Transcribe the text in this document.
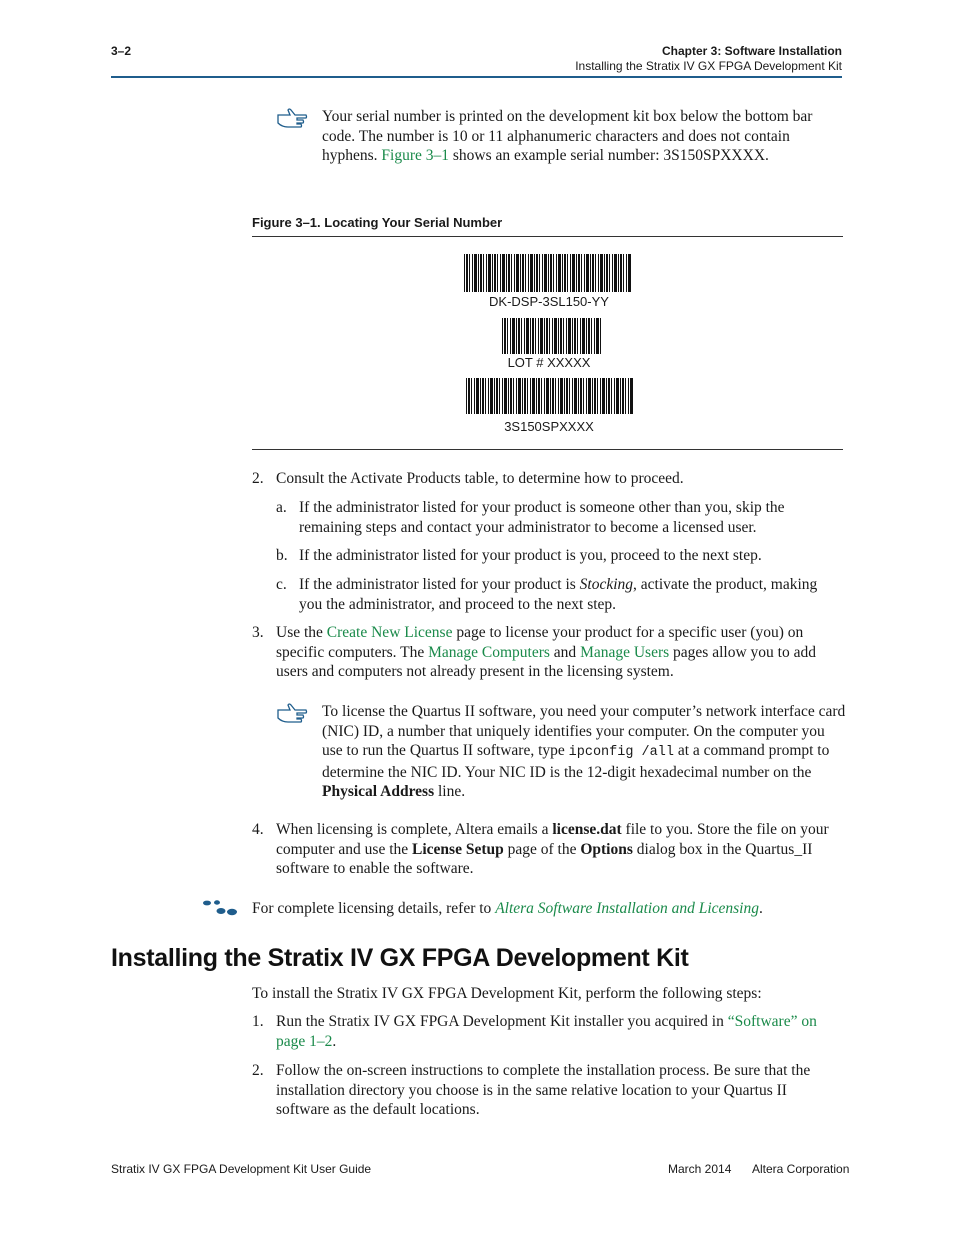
3–2	Chapter 3: Software Installation
Installing the Stratix IV GX FPGA Development Kit
Your serial number is printed on the development kit box below the bottom bar code. The number is 10 or 11 alphanumeric characters and does not contain hyphens. Figure 3–1 shows an example serial number: 3S150SPXXXX.
Figure 3–1. Locating Your Serial Number
DK-DSP-3SL150-YY
LOT # XXXXX
3S150SPXXXX
2. Consult the Activate Products table, to determine how to proceed.
a. If the administrator listed for your product is someone other than you, skip the remaining steps and contact your administrator to become a licensed user.
b. If the administrator listed for your product is you, proceed to the next step.
c. If the administrator listed for your product is Stocking, activate the product, making you the administrator, and proceed to the next step.
3. Use the Create New License page to license your product for a specific user (you) on specific computers. The Manage Computers and Manage Users pages allow you to add users and computers not already present in the licensing system.
To license the Quartus II software, you need your computer’s network interface card (NIC) ID, a number that uniquely identifies your computer. On the computer you use to run the Quartus II software, type ipconfig /all at a command prompt to determine the NIC ID. Your NIC ID is the 12-digit hexadecimal number on the Physical Address line.
4. When licensing is complete, Altera emails a license.dat file to you. Store the file on your computer and use the License Setup page of the Options dialog box in the Quartus_II software to enable the software.
For complete licensing details, refer to Altera Software Installation and Licensing.
Installing the Stratix IV GX FPGA Development Kit
To install the Stratix IV GX FPGA Development Kit, perform the following steps:
1. Run the Stratix IV GX FPGA Development Kit installer you acquired in “Software” on page 1–2.
2. Follow the on-screen instructions to complete the installation process. Be sure that the installation directory you choose is in the same relative location to your Quartus II software as the default locations.
Stratix IV GX FPGA Development Kit User Guide	March 2014 Altera Corporation
